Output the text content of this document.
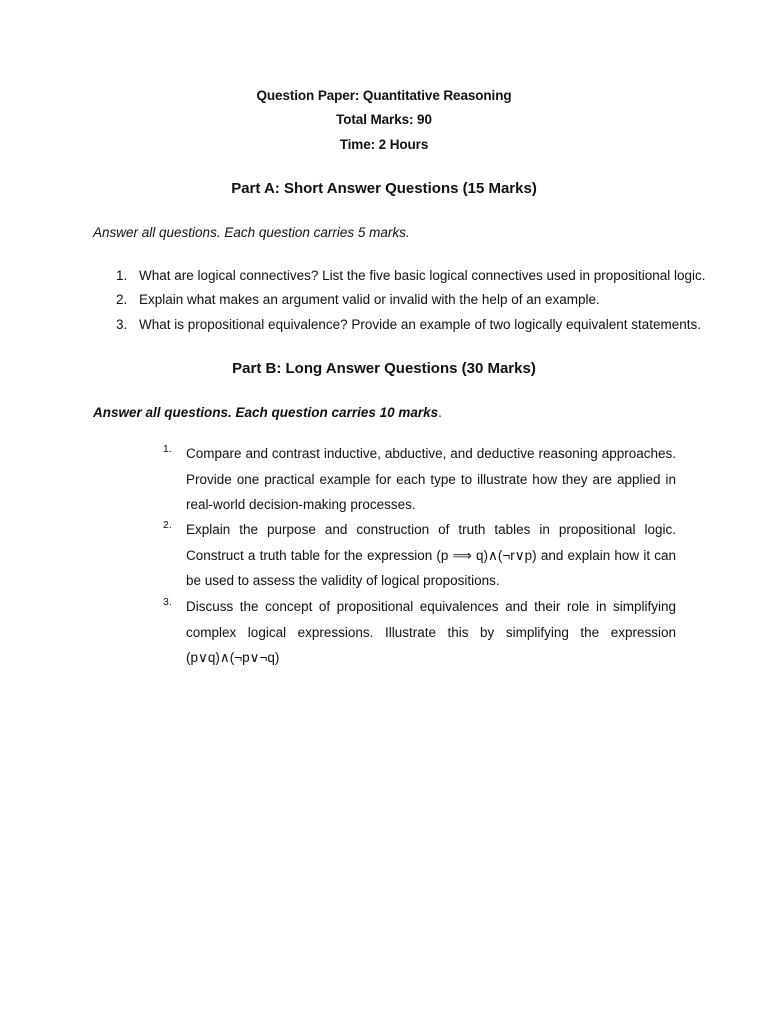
Question Paper: Quantitative Reasoning
Total Marks: 90
Time: 2 Hours
Part A: Short Answer Questions (15 Marks)
Answer all questions. Each question carries 5 marks.
1. What are logical connectives? List the five basic logical connectives used in propositional logic.
2. Explain what makes an argument valid or invalid with the help of an example.
3. What is propositional equivalence? Provide an example of two logically equivalent statements.
Part B: Long Answer Questions (30 Marks)
Answer all questions. Each question carries 10 marks.
1. Compare and contrast inductive, abductive, and deductive reasoning approaches. Provide one practical example for each type to illustrate how they are applied in real-world decision-making processes.
2. Explain the purpose and construction of truth tables in propositional logic. Construct a truth table for the expression (p ⟹ q)∧(¬r∨p) and explain how it can be used to assess the validity of logical propositions.
3. Discuss the concept of propositional equivalences and their role in simplifying complex logical expressions. Illustrate this by simplifying the expression (p∨q)∧(¬p∨¬q)
